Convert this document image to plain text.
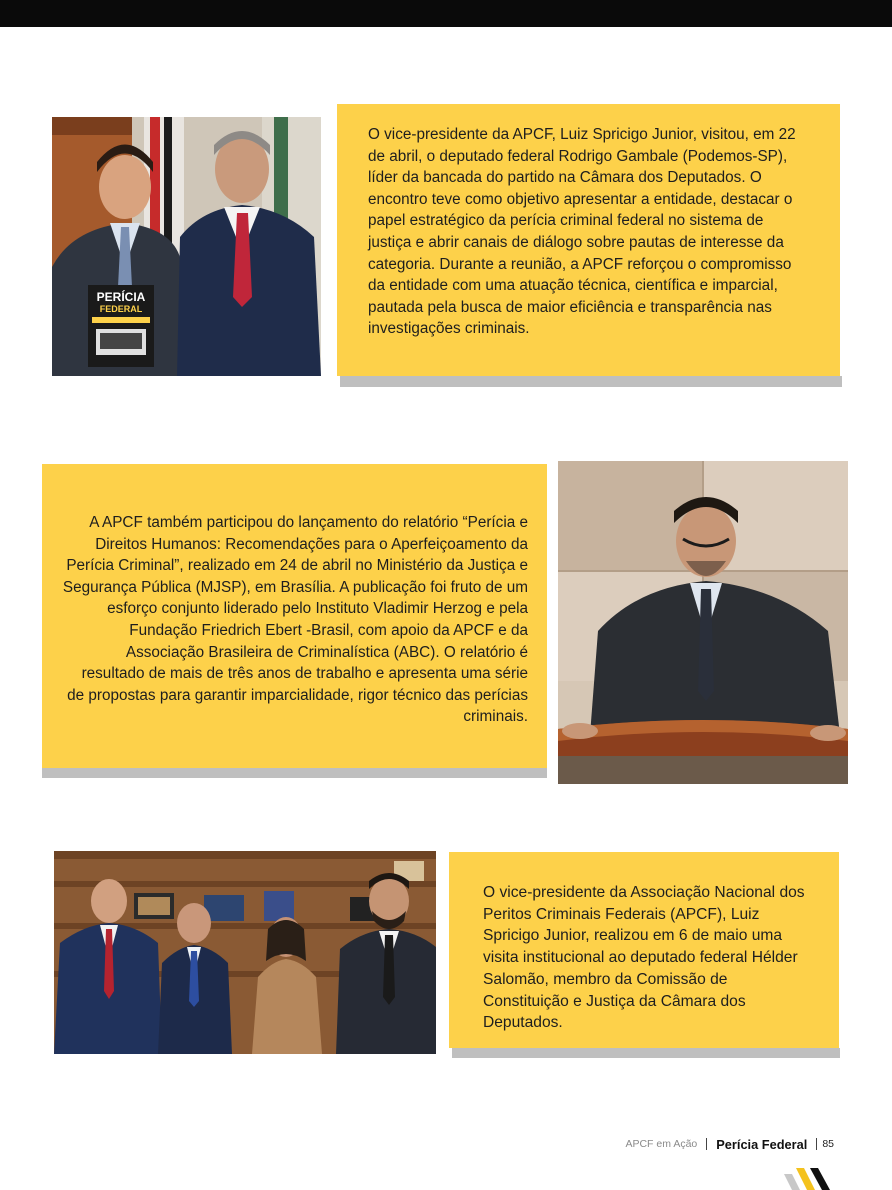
PERÍCIA
FEDERAL

O vice-presidente da APCF, Luiz Spricigo Junior, visitou, em 22 de abril, o deputado federal Rodrigo Gambale (Podemos-SP), líder da bancada do partido na Câmara dos Deputados. O encontro teve como objetivo apresentar a entidade, destacar o papel estratégico da perícia criminal federal no sistema de justiça e abrir canais de diálogo sobre pautas de interesse da categoria. Durante a reunião, a APCF reforçou o compromisso da entidade com uma atuação técnica, científica e imparcial, pautada pela busca de maior eficiência e transparência nas investigações criminais.

A APCF também participou do lançamento do relatório “Perícia e Direitos Humanos: Recomendações para o Aperfeiçoamento da Perícia Criminal”, realizado em 24 de abril no Ministério da Justiça e Segurança Pública (MJSP), em Brasília. A publicação foi fruto de um esforço conjunto liderado pelo Instituto Vladimir Herzog e pela Fundação Friedrich Ebert -Brasil, com apoio da APCF e da Associação Brasileira de Criminalística (ABC). O relatório é resultado de mais de três anos de trabalho e apresenta uma série de propostas para garantir imparcialidade, rigor técnico das perícias criminais.

O vice-presidente da Associação Nacional dos Peritos Criminais Federais (APCF), Luiz Spricigo Junior, realizou em 6 de maio uma visita institucional ao deputado federal Hélder Salomão, membro da Comissão de Constituição e Justiça da Câmara dos Deputados.

APCF em Ação Perícia Federal 85
